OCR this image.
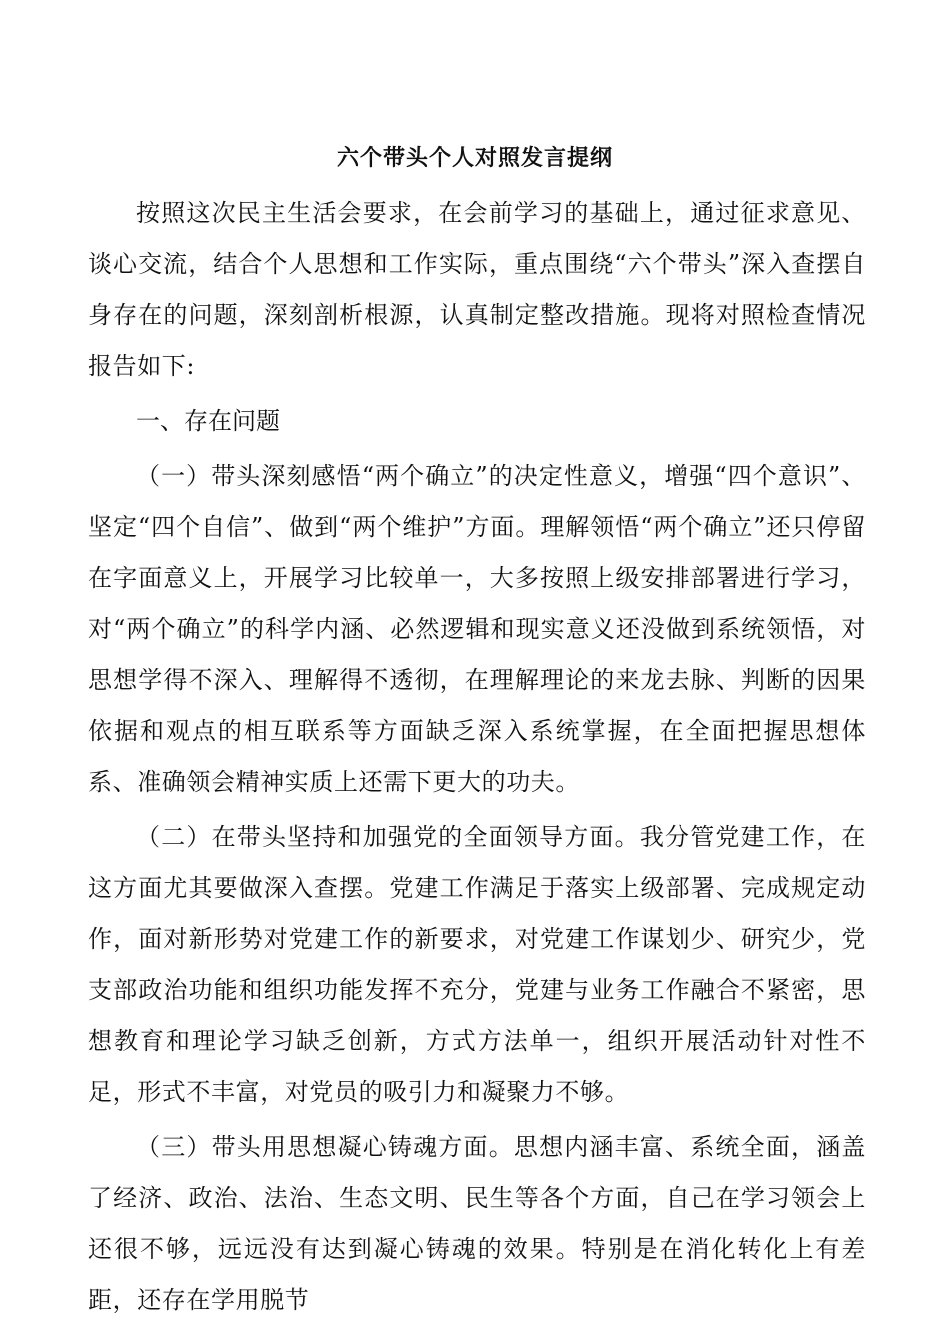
六个带头个人对照发言提纲

按照这次民主生活会要求，在会前学习的基础上，通过征求意见、谈心交流，结合个人思想和工作实际，重点围绕“六个带头”深入查摆自身存在的问题，深刻剖析根源，认真制定整改措施。现将对照检查情况报告如下:

一、存在问题

（一）带头深刻感悟“两个确立”的决定性意义，增强“四个意识”、坚定“四个自信”、做到“两个维护”方面。理解领悟“两个确立”还只停留在字面意义上，开展学习比较单一，大多按照上级安排部署进行学习，对“两个确立”的科学内涵、必然逻辑和现实意义还没做到系统领悟，对思想学得不深入、理解得不透彻，在理解理论的来龙去脉、判断的因果依据和观点的相互联系等方面缺乏深入系统掌握，在全面把握思想体系、准确领会精神实质上还需下更大的功夫。

（二）在带头坚持和加强党的全面领导方面。我分管党建工作，在这方面尤其要做深入查摆。党建工作满足于落实上级部署、完成规定动作，面对新形势对党建工作的新要求，对党建工作谋划少、研究少，党支部政治功能和组织功能发挥不充分，党建与业务工作融合不紧密，思想教育和理论学习缺乏创新，方式方法单一，组织开展活动针对性不足，形式不丰富，对党员的吸引力和凝聚力不够。

（三）带头用思想凝心铸魂方面。思想内涵丰富、系统全面，涵盖了经济、政治、法治、生态文明、民生等各个方面，自己在学习领会上还很不够，远远没有达到凝心铸魂的效果。特别是在消化转化上有差距，还存在学用脱节
